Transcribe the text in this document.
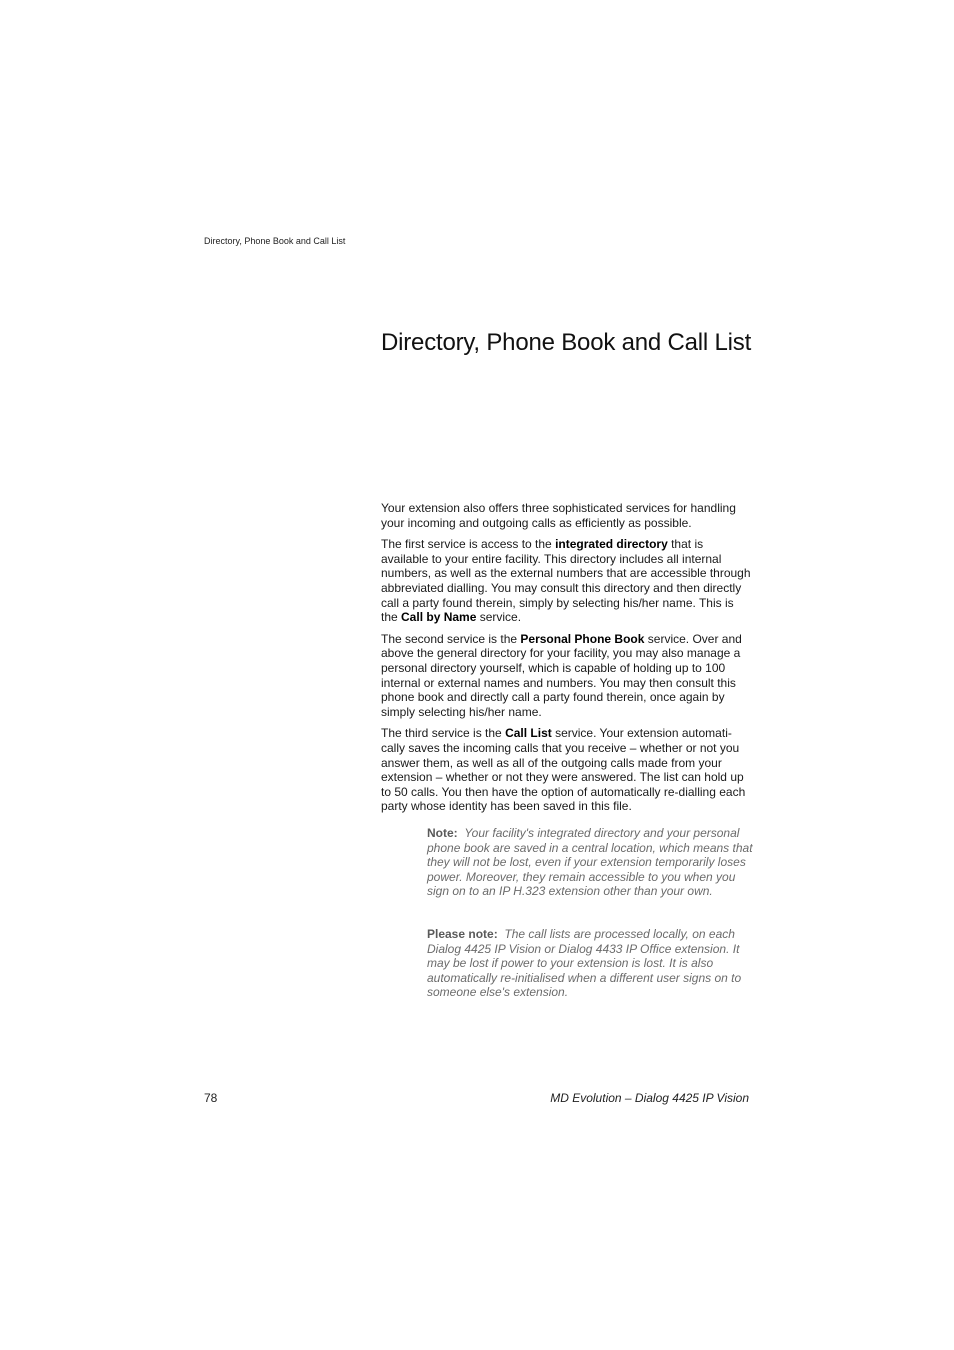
Directory, Phone Book and Call List
Directory, Phone Book and Call List

Your extension also offers three sophisticated services for handling your incoming and outgoing calls as efficiently as possible.

The first service is access to the integrated directory that is available to your entire facility. This directory includes all internal numbers, as well as the external numbers that are accessible through abbreviated dialling. You may consult this directory and then directly call a party found therein, simply by selecting his/her name. This is the Call by Name service.

The second service is the Personal Phone Book service. Over and above the general directory for your facility, you may also manage a personal directory yourself, which is capable of holding up to 100 internal or external names and numbers. You may then consult this phone book and directly call a party found therein, once again by simply selecting his/her name.

The third service is the Call List service. Your extension automati-cally saves the incoming calls that you receive – whether or not you answer them, as well as all of the outgoing calls made from your extension – whether or not they were answered. The list can hold up to 50 calls. You then have the option of automatically re-dialling each party whose identity has been saved in this file.

Note: Your facility's integrated directory and your personal phone book are saved in a central location, which means that they will not be lost, even if your extension temporarily loses power. Moreover, they remain accessible to you when you sign on to an IP H.323 extension other than your own.

Please note: The call lists are processed locally, on each Dialog 4425 IP Vision or Dialog 4433 IP Office extension. It may be lost if power to your extension is lost. It is also automatically re-initialised when a different user signs on to someone else's extension.

78	MD Evolution – Dialog 4425 IP Vision
